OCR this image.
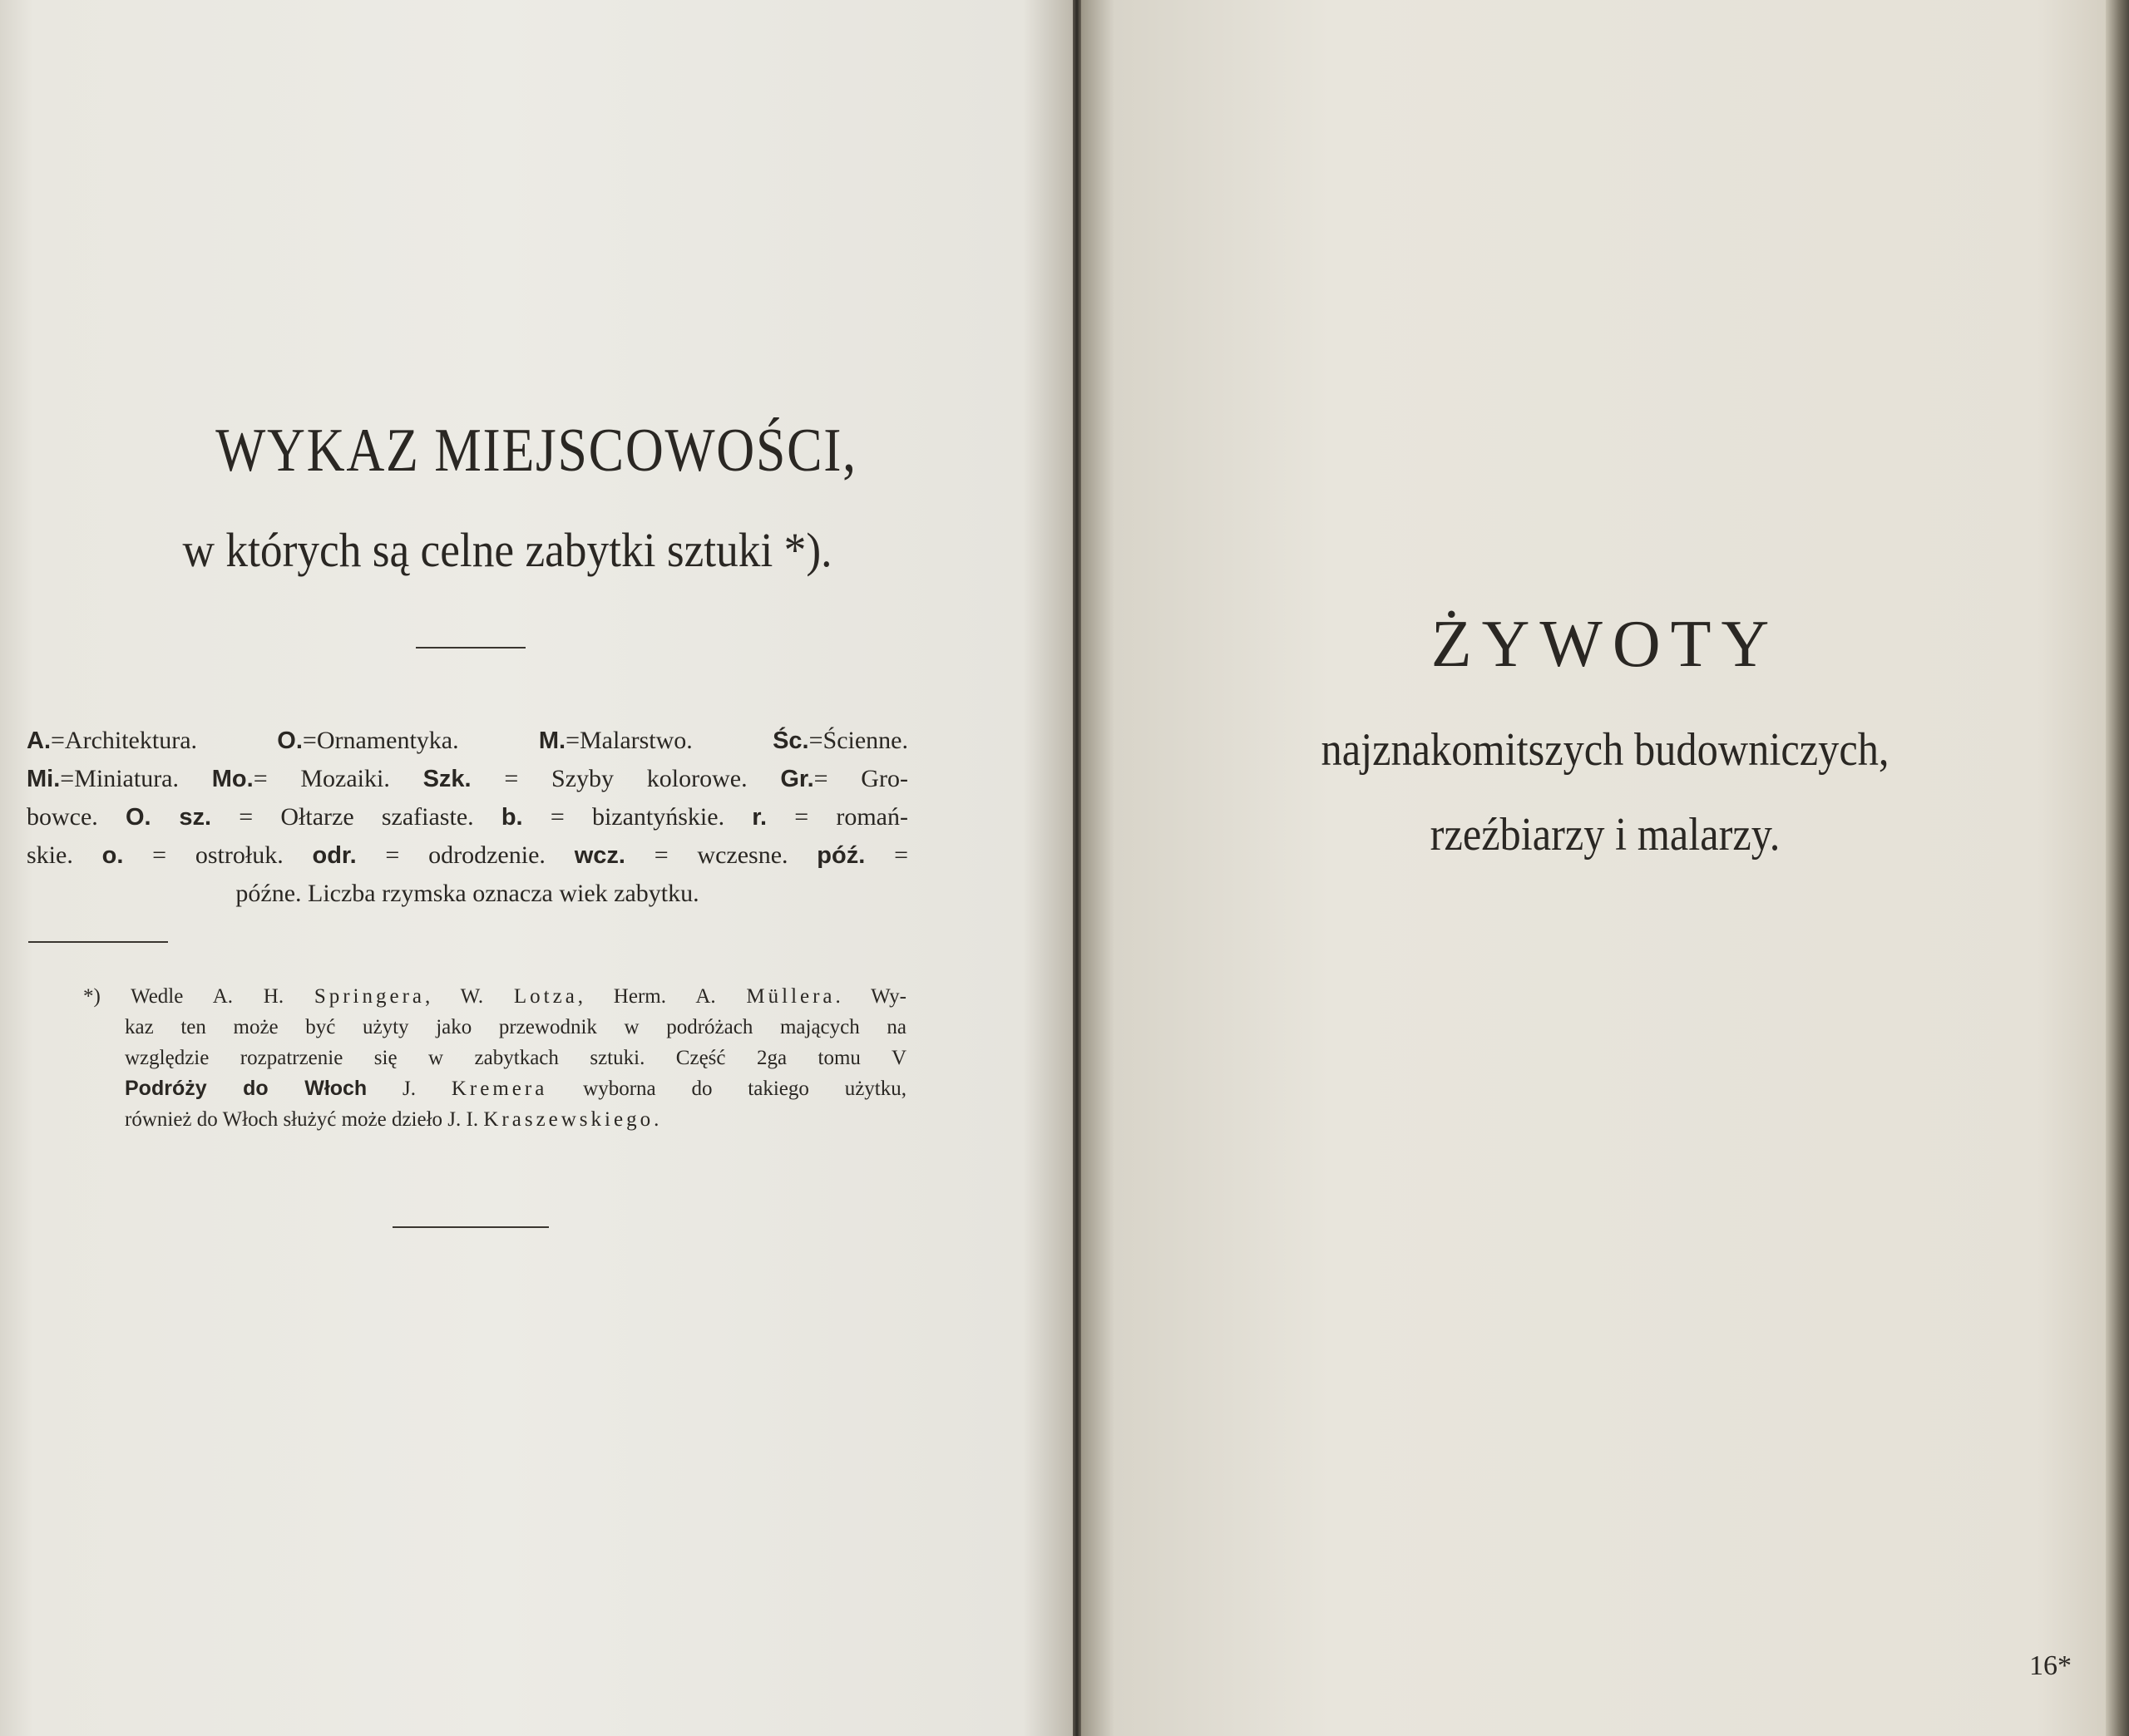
WYKAZ MIEJSCOWOŚCI,
w których są celne zabytki sztuki *).
A.=Architektura. O.=Ornamentyka. M.=Malarstwo. Śc.=Ścienne.
Mi.=Miniatura. Mo.= Mozaiki. Szk. = Szyby kolorowe. Gr.= Gro-
bowce. O. sz. = Ołtarze szafiaste. b. = bizantyńskie. r. = romań-
skie. o. = ostrołuk. odr. = odrodzenie. wcz. = wczesne. póź. =
późne. Liczba rzymska oznacza wiek zabytku.
*) Wedle A. H. Springera, W. Lotza, Herm. A. Müllera. Wy-
kaz ten może być użyty jako przewodnik w podróżach mających na
względzie rozpatrzenie się w zabytkach sztuki. Część 2ga tomu V
Podróży do Włoch J. Kremera wyborna do takiego użytku,
również do Włoch służyć może dzieło J. I. Kraszewskiego.
ŻYWOTY
najznakomitszych budowniczych,
rzeźbiarzy i malarzy.
16*
